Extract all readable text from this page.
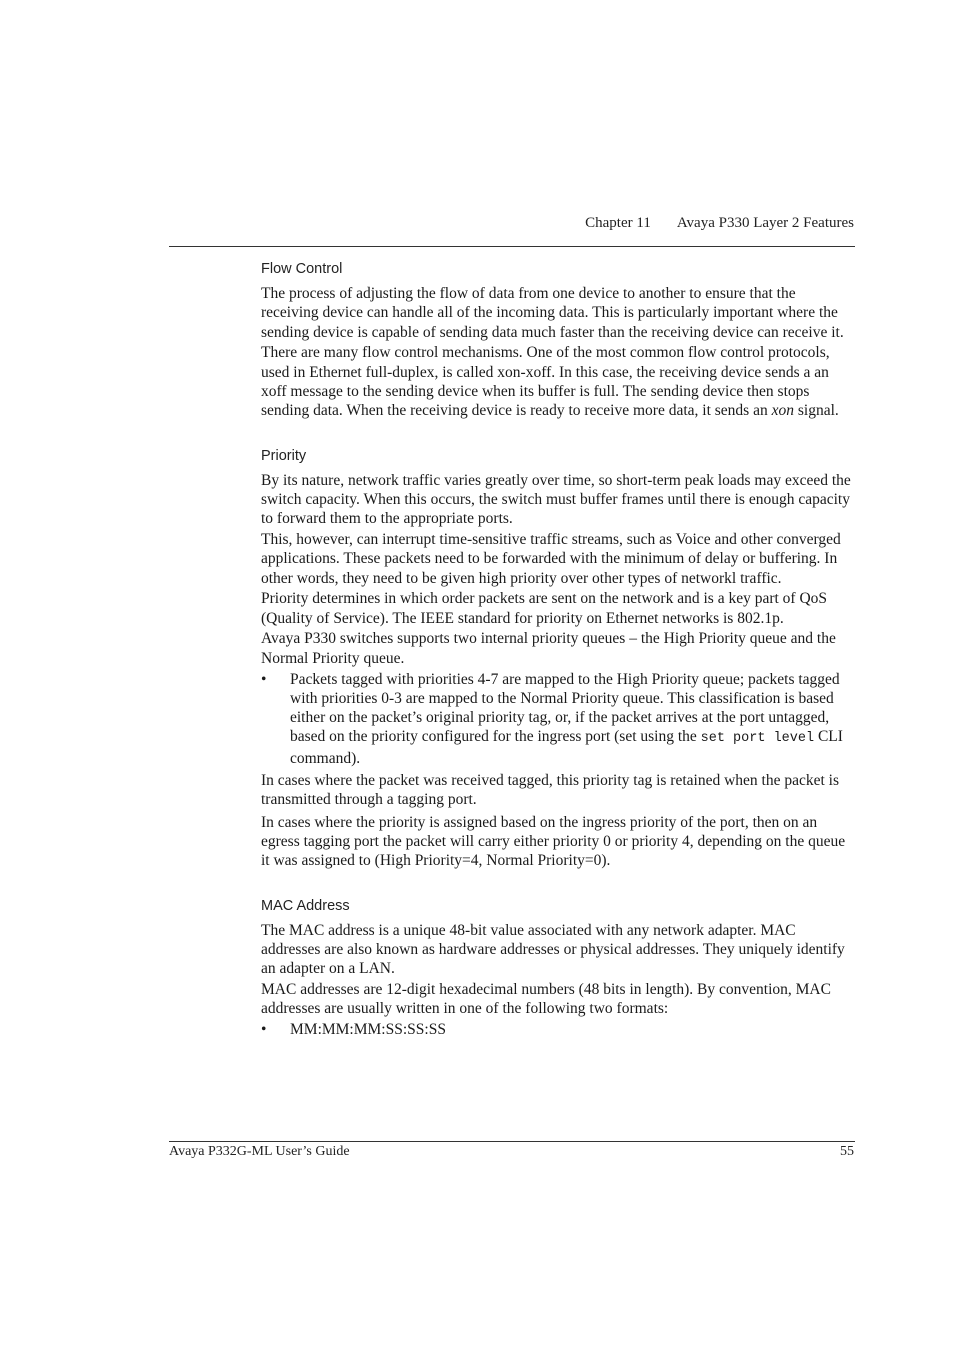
Chapter 11 Avaya P330 Layer 2 Features
Flow Control

The process of adjusting the flow of data from one device to another to ensure that the receiving device can handle all of the incoming data. This is particularly important where the sending device is capable of sending data much faster than the receiving device can receive it.

There are many flow control mechanisms. One of the most common flow control protocols, used in Ethernet full-duplex, is called xon-xoff. In this case, the receiving device sends a an xoff message to the sending device when its buffer is full. The sending device then stops sending data. When the receiving device is ready to receive more data, it sends an xon signal.

Priority

By its nature, network traffic varies greatly over time, so short-term peak loads may exceed the switch capacity. When this occurs, the switch must buffer frames until there is enough capacity to forward them to the appropriate ports.

This, however, can interrupt time-sensitive traffic streams, such as Voice and other converged applications. These packets need to be forwarded with the minimum of delay or buffering. In other words, they need to be given high priority over other types of networkl traffic.

Priority determines in which order packets are sent on the network and is a key part of QoS (Quality of Service). The IEEE standard for priority on Ethernet networks is 802.1p.

Avaya P330 switches supports two internal priority queues – the High Priority queue and the Normal Priority queue.

• Packets tagged with priorities 4-7 are mapped to the High Priority queue; packets tagged with priorities 0-3 are mapped to the Normal Priority queue. This classification is based either on the packet’s original priority tag, or, if the packet arrives at the port untagged, based on the priority configured for the ingress port (set using the set port level CLI command).

In cases where the packet was received tagged, this priority tag is retained when the packet is transmitted through a tagging port.

In cases where the priority is assigned based on the ingress priority of the port, then on an egress tagging port the packet will carry either priority 0 or priority 4, depending on the queue it was assigned to (High Priority=4, Normal Priority=0).

MAC Address

The MAC address is a unique 48-bit value associated with any network adapter. MAC addresses are also known as hardware addresses or physical addresses. They uniquely identify an adapter on a LAN.

MAC addresses are 12-digit hexadecimal numbers (48 bits in length). By convention, MAC addresses are usually written in one of the following two formats:

• MM:MM:MM:SS:SS:SS
Avaya P332G-ML User’s Guide	55
